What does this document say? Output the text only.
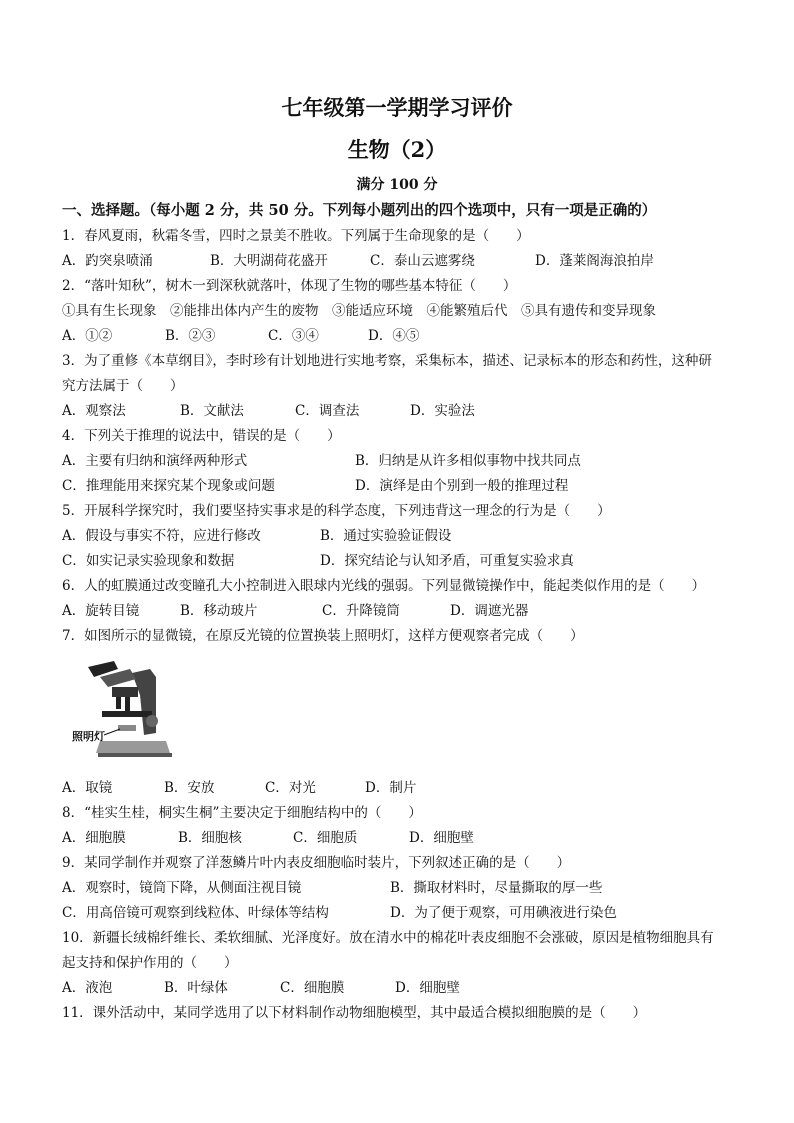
七年级第一学期学习评价
生物（2）
满分 100 分
一、选择题。（每小题 2 分，共 50 分。下列每小题列出的四个选项中，只有一项是正确的）
1．春风夏雨，秋霜冬雪，四时之景美不胜收。下列属于生命现象的是（　　）
A．趵突泉喷涌	B．大明湖荷花盛开	C．泰山云遮雾绕	D．蓬莱阁海浪拍岸
2．“落叶知秋”，树木一到深秋就落叶，体现了生物的哪些基本特征（　　）
①具有生长现象　②能排出体内产生的废物　③能适应环境　④能繁殖后代　⑤具有遗传和变异现象
A．①②	B．②③	C．③④	D．④⑤
3．为了重修《本草纲目》，李时珍有计划地进行实地考察，采集标本，描述、记录标本的形态和药性，这种研
究方法属于（　　）
A．观察法	B．文献法	C．调查法	D．实验法
4．下列关于推理的说法中，错误的是（　　）
A．主要有归纳和演绎两种形式	B．归纳是从许多相似事物中找共同点
C．推理能用来探究某个现象或问题	D．演绎是由个别到一般的推理过程
5．开展科学探究时，我们要坚持实事求是的科学态度，下列违背这一理念的行为是（　　）
A．假设与事实不符，应进行修改	B．通过实验验证假设
C．如实记录实验现象和数据	D．探究结论与认知矛盾，可重复实验求真
6．人的虹膜通过改变瞳孔大小控制进入眼球内光线的强弱。下列显微镜操作中，能起类似作用的是（　　）
A．旋转目镜	B．移动玻片	C．升降镜筒	D．调遮光器
7．如图所示的显微镜，在原反光镜的位置换装上照明灯，这样方便观察者完成（　　）
照明灯
A．取镜	B．安放	C．对光	D．制片
8．“桂实生桂，桐实生桐”主要决定于细胞结构中的（　　）
A．细胞膜	B．细胞核	C．细胞质	D．细胞壁
9．某同学制作并观察了洋葱鳞片叶内表皮细胞临时装片，下列叙述正确的是（　　）
A．观察时，镜筒下降，从侧面注视目镜	B．撕取材料时，尽量撕取的厚一些
C．用高倍镜可观察到线粒体、叶绿体等结构	D．为了便于观察，可用碘液进行染色
10．新疆长绒棉纤维长、柔软细腻、光泽度好。放在清水中的棉花叶表皮细胞不会涨破，原因是植物细胞具有
起支持和保护作用的（　　）
A．液泡	B．叶绿体	C．细胞膜	D．细胞壁
11．课外活动中，某同学选用了以下材料制作动物细胞模型，其中最适合模拟细胞膜的是（　　）
